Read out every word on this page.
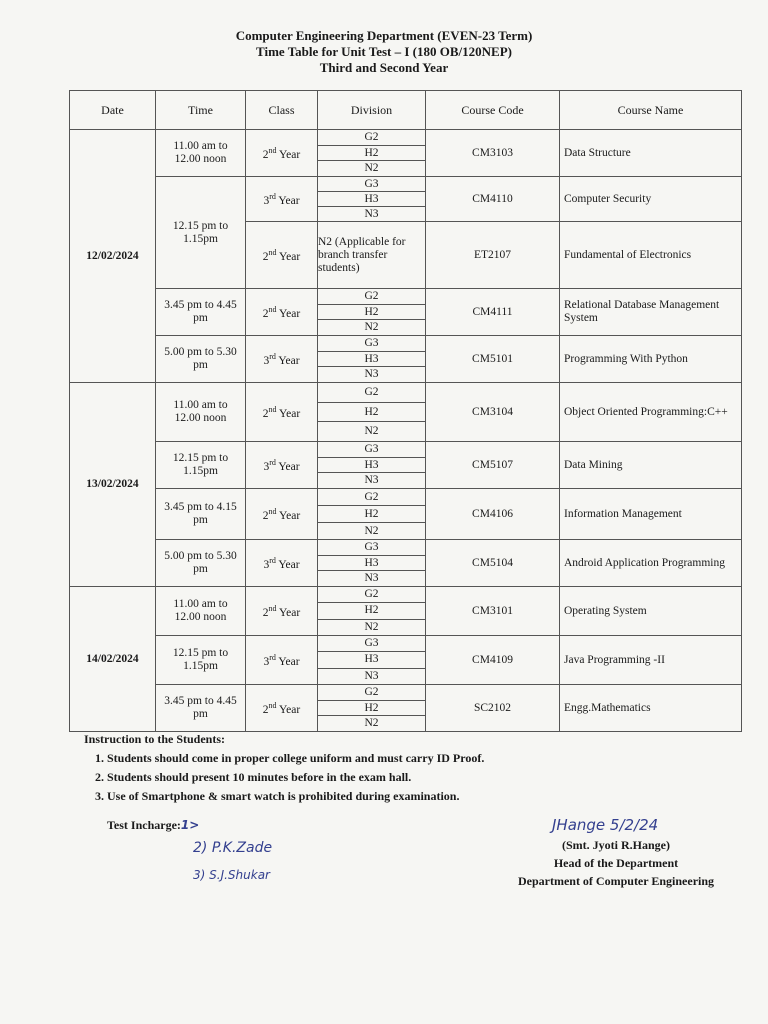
Computer Engineering Department (EVEN-23 Term)
Time Table for Unit Test – I (180 OB/120NEP)
Third and Second Year
Date	Time	Class	Division	Course Code	Course Name
12/02/2024	11.00 am to 12.00 noon	2nd Year	G2
H2
N2	CM3103	Data Structure
	12.15 pm to 1.15pm	3rd Year	G3
H3
N3	CM4110	Computer Security
		2nd Year	N2 (Applicable for branch transfer students)	ET2107	Fundamental of Electronics
	3.45 pm to 4.45 pm	2nd Year	G2
H2
N2	CM4111	Relational Database Management System
	5.00 pm to 5.30 pm	3rd Year	G3
H3
N3	CM5101	Programming With Python
13/02/2024	11.00 am to 12.00 noon	2nd Year	G2
H2
N2	CM3104	Object Oriented Programming:C++
	12.15 pm to 1.15pm	3rd Year	G3
H3
N3	CM5107	Data Mining
	3.45 pm to 4.15 pm	2nd Year	G2
H2
N2	CM4106	Information Management
	5.00 pm to 5.30 pm	3rd Year	G3
H3
N3	CM5104	Android Application Programming
14/02/2024	11.00 am to 12.00 noon	2nd Year	G2
H2
N2	CM3101	Operating System
	12.15 pm to 1.15pm	3rd Year	G3
H3
N3	CM4109	Java Programming -II
	3.45 pm to 4.45 pm	2nd Year	G2
H2
N2	SC2102	Engg.Mathematics
Instruction to the Students:
1. Students should come in proper college uniform and must carry ID Proof.
2. Students should present 10 minutes before in the exam hall.
3. Use of Smartphone & smart watch is prohibited during examination.
Test Incharge:1>
2) P.K.Zade
3) S.J.Shukar
JHange 5/2/24
(Smt. Jyoti R.Hange)
Head of the Department
Department of Computer Engineering
